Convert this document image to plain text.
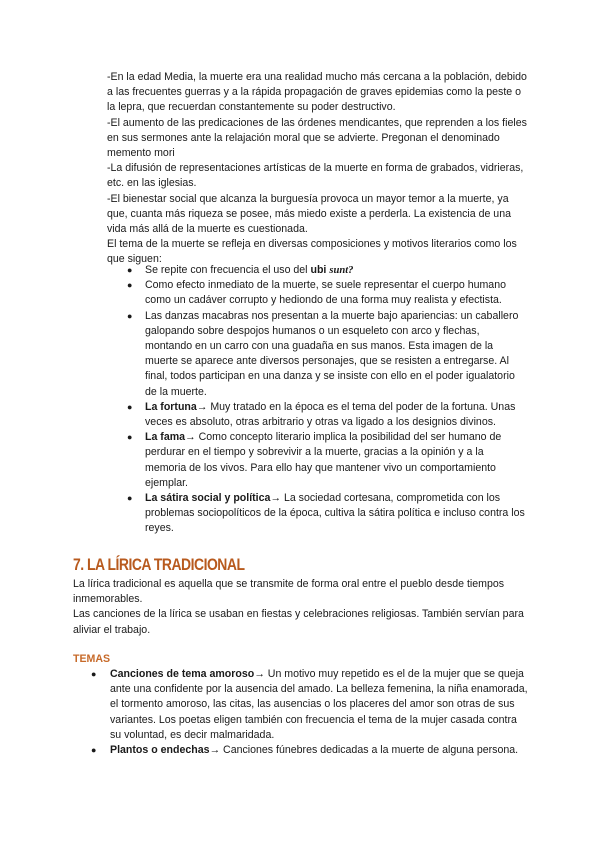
-En la edad Media, la muerte era una realidad mucho más cercana a la población, debido a las frecuentes guerras y a la rápida propagación de graves epidemias como la peste o la lepra, que recuerdan constantemente su poder destructivo.

-El aumento de las predicaciones de las órdenes mendicantes, que reprenden a los fieles en sus sermones ante la relajación moral que se advierte. Pregonan el denominado memento mori

-La difusión de representaciones artísticas de la muerte en forma de grabados, vidrieras, etc. en las iglesias.

-El bienestar social que alcanza la burguesía provoca un mayor temor a la muerte, ya que, cuanta más riqueza se posee, más miedo existe a perderla. La existencia de una vida más allá de la muerte es cuestionada.

El tema de la muerte se refleja en diversas composiciones y motivos literarios como los que siguen:

●	Se repite con frecuencia el uso del ubi sunt?
●	Como efecto inmediato de la muerte, se suele representar el cuerpo humano como un cadáver corrupto y hediondo de una forma muy realista y efectista.
●	Las danzas macabras nos presentan a la muerte bajo apariencias: un caballero galopando sobre despojos humanos o un esqueleto con arco y flechas, montando en un carro con una guadaña en sus manos. Esta imagen de la muerte se aparece ante diversos personajes, que se resisten a entregarse. Al final, todos participan en una danza y se insiste con ello en el poder igualatorio de la muerte.
●	La fortuna→ Muy tratado en la época es el tema del poder de la fortuna. Unas veces es absoluto, otras arbitrario y otras va ligado a los designios divinos.
●	La fama→ Como concepto literario implica la posibilidad del ser humano de perdurar en el tiempo y sobrevivir a la muerte, gracias a la opinión y a la memoria de los vivos. Para ello hay que mantener vivo un comportamiento ejemplar.
●	La sátira social y política→ La sociedad cortesana, comprometida con los problemas sociopolíticos de la época, cultiva la sátira política e incluso contra los reyes.
7. LA LÍRICA TRADICIONAL

La lírica tradicional es aquella que se transmite de forma oral entre el pueblo desde tiempos inmemorables.

Las canciones de la lírica se usaban en fiestas y celebraciones religiosas. También servían para aliviar el trabajo.

TEMAS
●	Canciones de tema amoroso→ Un motivo muy repetido es el de la mujer que se queja ante una confidente por la ausencia del amado. La belleza femenina, la niña enamorada, el tormento amoroso, las citas, las ausencias o los placeres del amor son otras de sus variantes. Los poetas eligen también con frecuencia el tema de la mujer casada contra su voluntad, es decir malmaridada.
●	Plantos o endechas→ Canciones fúnebres dedicadas a la muerte de alguna persona.
